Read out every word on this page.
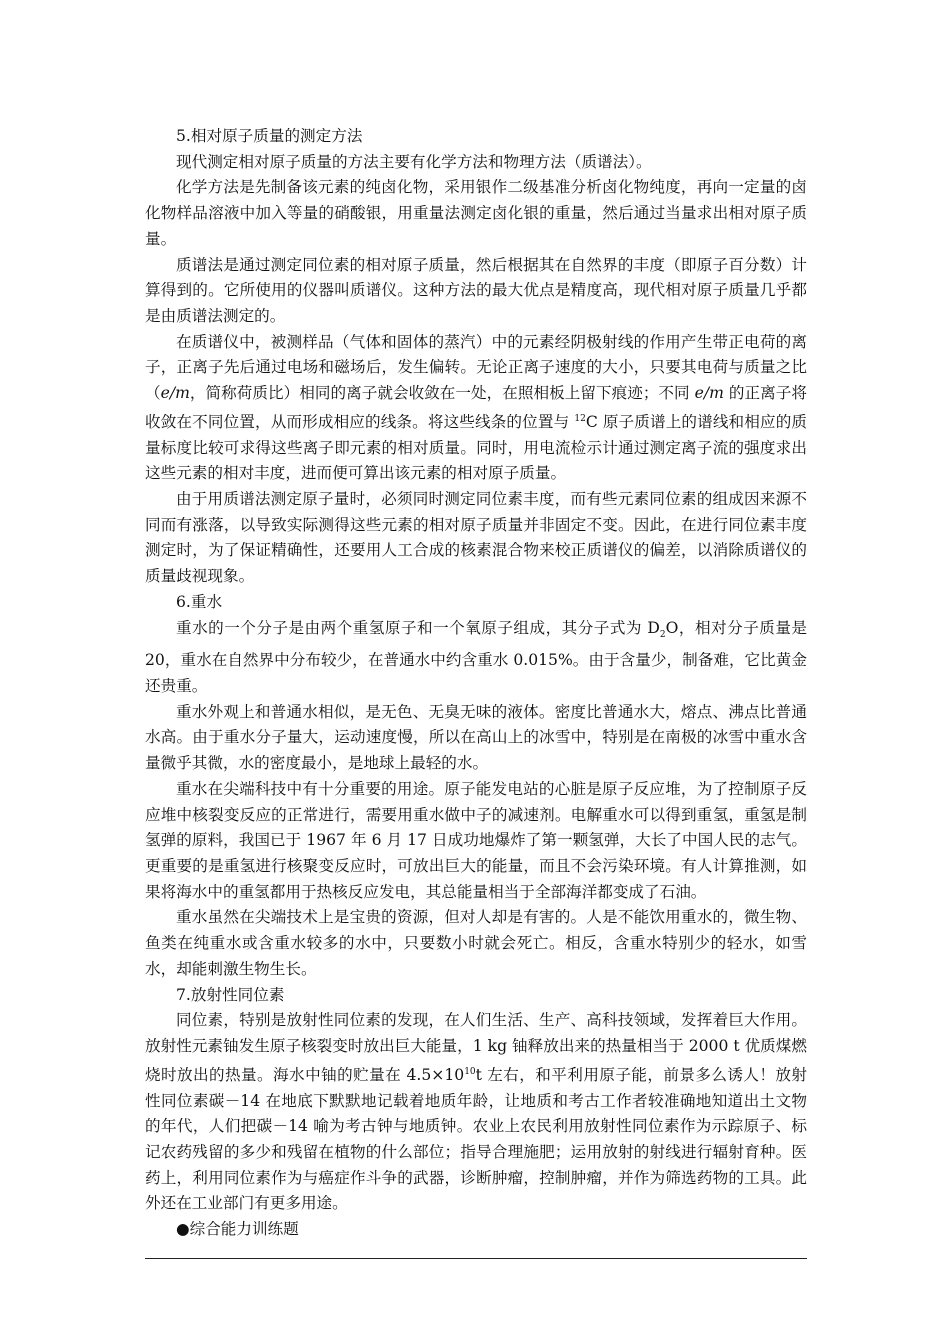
5.相对原子质量的测定方法
现代测定相对原子质量的方法主要有化学方法和物理方法（质谱法）。
化学方法是先制备该元素的纯卤化物，采用银作二级基准分析卤化物纯度，再向一定量的卤化物样品溶液中加入等量的硝酸银，用重量法测定卤化银的重量，然后通过当量求出相对原子质量。
质谱法是通过测定同位素的相对原子质量，然后根据其在自然界的丰度（即原子百分数）计算得到的。它所使用的仪器叫质谱仪。这种方法的最大优点是精度高，现代相对原子质量几乎都是由质谱法测定的。
在质谱仪中，被测样品（气体和固体的蒸汽）中的元素经阴极射线的作用产生带正电荷的离子，正离子先后通过电场和磁场后，发生偏转。无论正离子速度的大小，只要其电荷与质量之比（e/m，简称荷质比）相同的离子就会收敛在一处，在照相板上留下痕迹；不同 e/m 的正离子将收敛在不同位置，从而形成相应的线条。将这些线条的位置与 $^{12}$C 原子质谱上的谱线和相应的质量标度比较可求得这些离子即元素的相对质量。同时，用电流检示计通过测定离子流的强度求出这些元素的相对丰度，进而便可算出该元素的相对原子质量。
由于用质谱法测定原子量时，必须同时测定同位素丰度，而有些元素同位素的组成因来源不同而有涨落，以导致实际测得这些元素的相对原子质量并非固定不变。因此，在进行同位素丰度测定时，为了保证精确性，还要用人工合成的核素混合物来校正质谱仪的偏差，以消除质谱仪的质量歧视现象。
6.重水
重水的一个分子是由两个重氢原子和一个氧原子组成，其分子式为 $D_2O$，相对分子质量是 20，重水在自然界中分布较少，在普通水中约含重水 0.015%。由于含量少，制备难，它比黄金还贵重。
重水外观上和普通水相似，是无色、无臭无味的液体。密度比普通水大，熔点、沸点比普通水高。由于重水分子量大，运动速度慢，所以在高山上的冰雪中，特别是在南极的冰雪中重水含量微乎其微，水的密度最小，是地球上最轻的水。
重水在尖端科技中有十分重要的用途。原子能发电站的心脏是原子反应堆，为了控制原子反应堆中核裂变反应的正常进行，需要用重水做中子的减速剂。电解重水可以得到重氢，重氢是制氢弹的原料，我国已于 1967 年 6 月 17 日成功地爆炸了第一颗氢弹，大长了中国人民的志气。更重要的是重氢进行核聚变反应时，可放出巨大的能量，而且不会污染环境。有人计算推测，如果将海水中的重氢都用于热核反应发电，其总能量相当于全部海洋都变成了石油。
重水虽然在尖端技术上是宝贵的资源，但对人却是有害的。人是不能饮用重水的，微生物、鱼类在纯重水或含重水较多的水中，只要数小时就会死亡。相反，含重水特别少的轻水，如雪水，却能刺激生物生长。
7.放射性同位素
同位素，特别是放射性同位素的发现，在人们生活、生产、高科技领域，发挥着巨大作用。放射性元素铀发生原子核裂变时放出巨大能量，1 kg 铀释放出来的热量相当于 2000 t 优质煤燃烧时放出的热量。海水中铀的贮量在 $4.5\times 10^{10}t$ 左右，和平利用原子能，前景多么诱人！放射性同位素碳－14 在地底下默默地记载着地质年龄，让地质和考古工作者较准确地知道出土文物的年代，人们把碳－14 喻为考古钟与地质钟。农业上农民利用放射性同位素作为示踪原子、标记农药残留的多少和残留在植物的什么部位；指导合理施肥；运用放射的射线进行辐射育种。医药上，利用同位素作为与癌症作斗争的武器，诊断肿瘤，控制肿瘤，并作为筛选药物的工具。此外还在工业部门有更多用途。
●综合能力训练题
